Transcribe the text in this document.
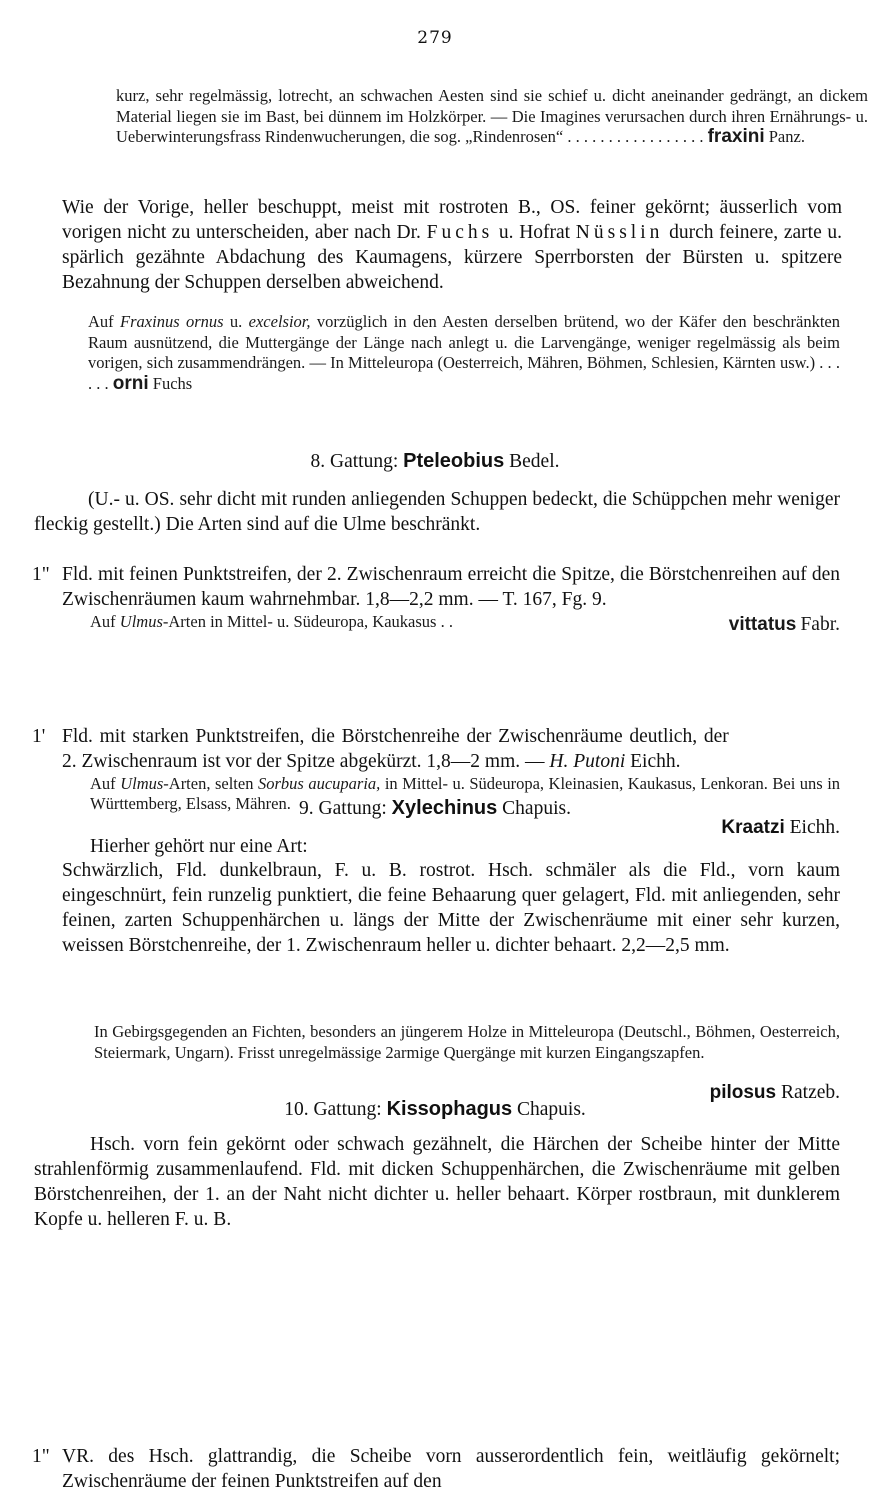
279
kurz, sehr regelmässig, lotrecht, an schwachen Aesten sind sie schief u. dicht aneinander gedrängt, an dickem Material liegen sie im Bast, bei dünnem im Holzkörper. — Die Imagines verursachen durch ihren Ernährungs- u. Ueberwinterungsfrass Rindenwucherungen, die sog. „Rindenrosen“ . . . . . . . . . . . . . . . . . fraxini Panz.
Wie der Vorige, heller beschuppt, meist mit rostroten B., OS. feiner gekörnt; äusserlich vom vorigen nicht zu unterscheiden, aber nach Dr. Fuchs u. Hofrat Nüsslin durch feinere, zarte u. spärlich gezähnte Abdachung des Kaumagens, kürzere Sperrborsten der Bürsten u. spitzere Bezahnung der Schuppen derselben abweichend.
Auf Fraxinus ornus u. excelsior, vorzüglich in den Aesten derselben brütend, wo der Käfer den beschränkten Raum ausnützend, die Muttergänge der Länge nach anlegt u. die Larvengänge, weniger regelmässig als beim vorigen, sich zusammendrängen. — In Mitteleuropa (Oesterreich, Mähren, Böhmen, Schlesien, Kärnten usw.) . . . . . . orni Fuchs
8. Gattung: Pteleobius Bedel.
(U.- u. OS. sehr dicht mit runden anliegenden Schuppen bedeckt, die Schüppchen mehr weniger fleckig gestellt.) Die Arten sind auf die Ulme beschränkt.
1" Fld. mit feinen Punktstreifen, der 2. Zwischenraum erreicht die Spitze, die Börstchenreihen auf den Zwischenräumen kaum wahrnehmbar. 1,8—2,2 mm. — T. 167, Fg. 9.
Auf Ulmus-Arten in Mittel- u. Südeuropa, Kaukasus . .	vittatus Fabr.
1' Fld. mit starken Punktstreifen, die Börstchenreihe der Zwischenräume deutlich, der 2. Zwischenraum ist vor der Spitze abgekürzt. 1,8—2 mm. — H. Putoni Eichh.
Auf Ulmus-Arten, selten Sorbus aucuparia, in Mittel- u. Südeuropa, Kleinasien, Kaukasus, Lenkoran. Bei uns in Württemberg, Elsass, Mähren.
Kraatzi Eichh.
9. Gattung: Xylechinus Chapuis.
Hierher gehört nur eine Art:
Schwärzlich, Fld. dunkelbraun, F. u. B. rostrot. Hsch. schmäler als die Fld., vorn kaum eingeschnürt, fein runzelig punktiert, die feine Behaarung quer gelagert, Fld. mit anliegenden, sehr feinen, zarten Schuppenhärchen u. längs der Mitte der Zwischenräume mit einer sehr kurzen, weissen Börstchenreihe, der 1. Zwischenraum heller u. dichter behaart. 2,2—2,5 mm.
In Gebirgsgegenden an Fichten, besonders an jüngerem Holze in Mitteleuropa (Deutschl., Böhmen, Oesterreich, Steiermark, Ungarn). Frisst unregelmässige 2armige Quergänge mit kurzen Eingangszapfen.
pilosus Ratzeb.
10. Gattung: Kissophagus Chapuis.
Hsch. vorn fein gekörnt oder schwach gezähnelt, die Härchen der Scheibe hinter der Mitte strahlenförmig zusammenlaufend. Fld. mit dicken Schuppenhärchen, die Zwischenräume mit gelben Börstchenreihen, der 1. an der Naht nicht dichter u. heller behaart. Körper rostbraun, mit dunklerem Kopfe u. helleren F. u. B.
1" VR. des Hsch. glattrandig, die Scheibe vorn ausserordentlich fein, weitläufig gekörnelt; Zwischenräume der feinen Punktstreifen auf den
